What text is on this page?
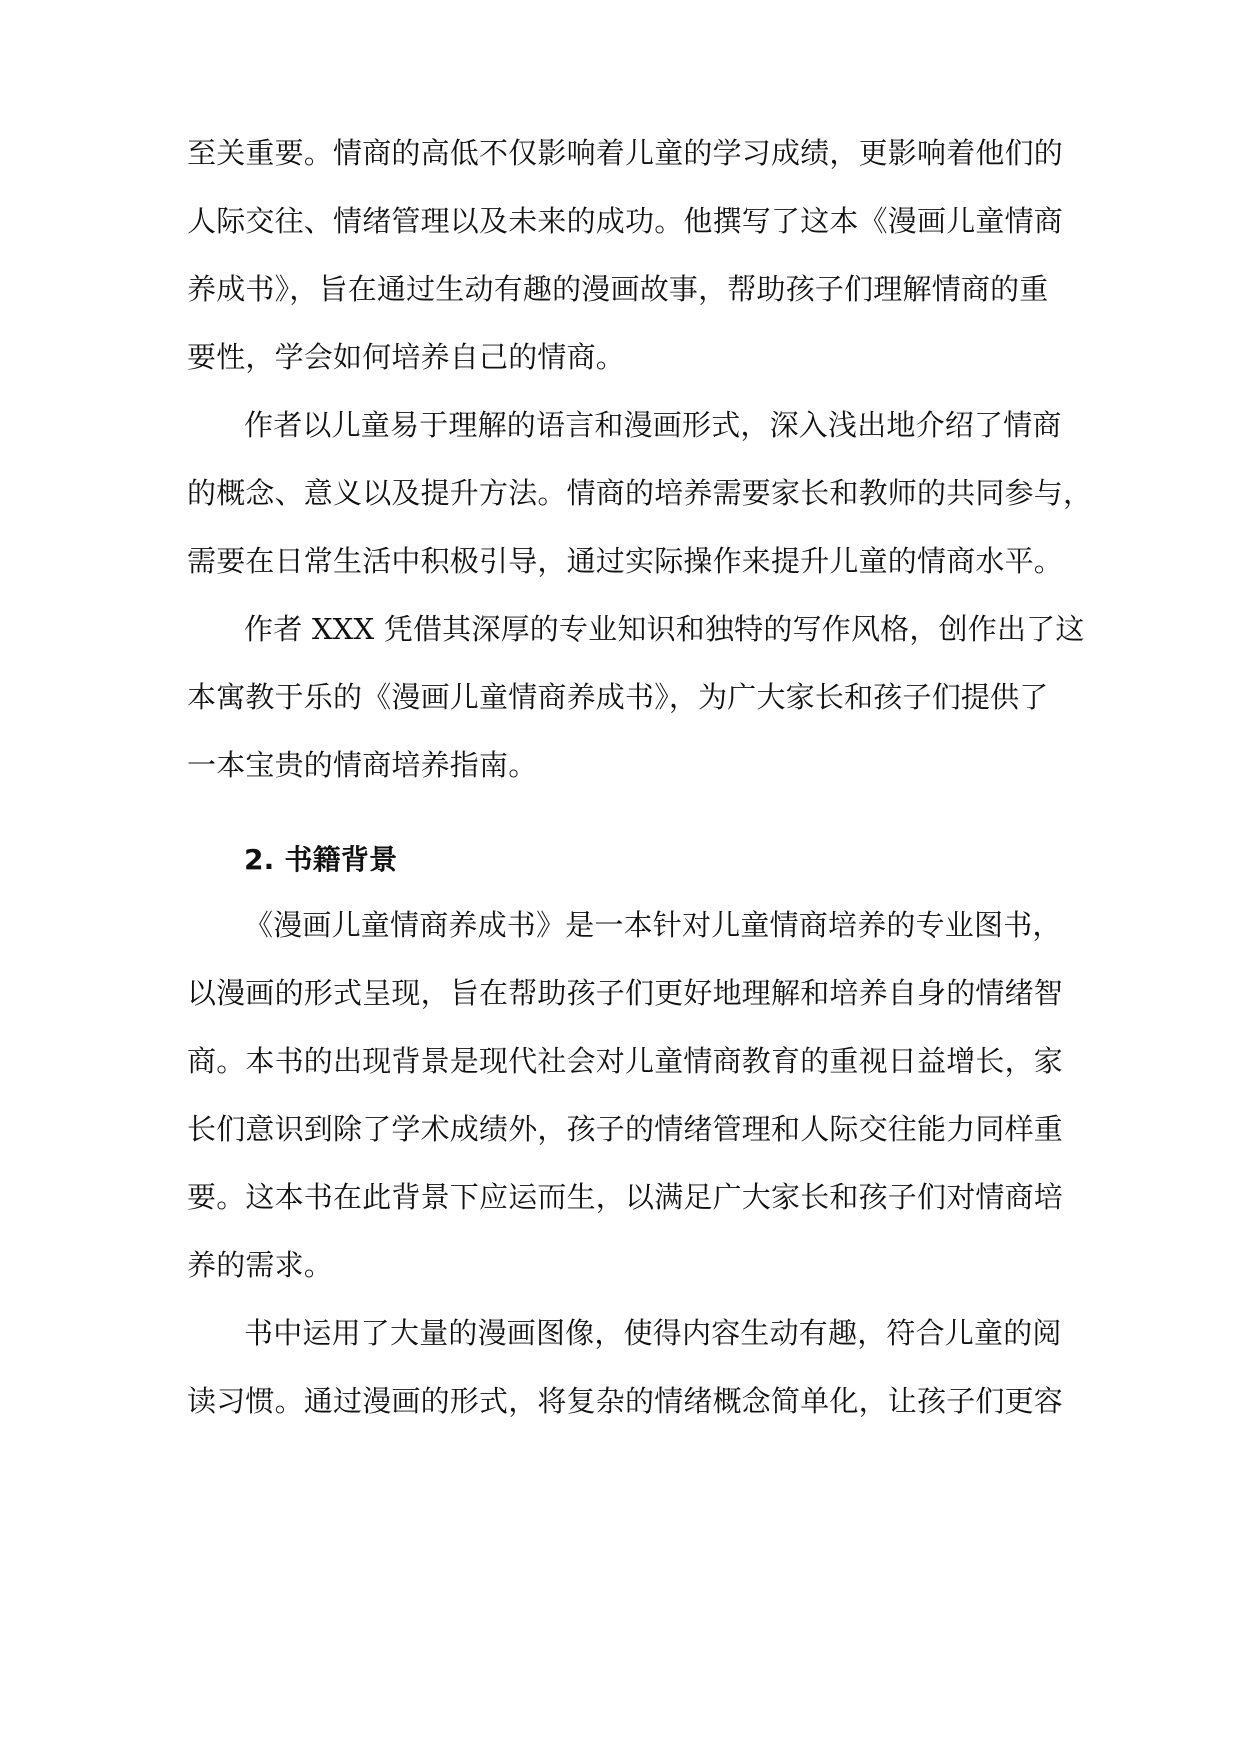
至关重要。情商的高低不仅影响着儿童的学习成绩，更影响着他们的
人际交往、情绪管理以及未来的成功。他撰写了这本《漫画儿童情商
养成书》，旨在通过生动有趣的漫画故事，帮助孩子们理解情商的重
要性，学会如何培养自己的情商。
作者以儿童易于理解的语言和漫画形式，深入浅出地介绍了情商
的概念、意义以及提升方法。情商的培养需要家长和教师的共同参与，
需要在日常生活中积极引导，通过实际操作来提升儿童的情商水平。
作者 XXX 凭借其深厚的专业知识和独特的写作风格，创作出了这
本寓教于乐的《漫画儿童情商养成书》，为广大家长和孩子们提供了
一本宝贵的情商培养指南。
2. 书籍背景
《漫画儿童情商养成书》是一本针对儿童情商培养的专业图书，
以漫画的形式呈现，旨在帮助孩子们更好地理解和培养自身的情绪智
商。本书的出现背景是现代社会对儿童情商教育的重视日益增长，家
长们意识到除了学术成绩外，孩子的情绪管理和人际交往能力同样重
要。这本书在此背景下应运而生，以满足广大家长和孩子们对情商培
养的需求。
书中运用了大量的漫画图像，使得内容生动有趣，符合儿童的阅
读习惯。通过漫画的形式，将复杂的情绪概念简单化，让孩子们更容
